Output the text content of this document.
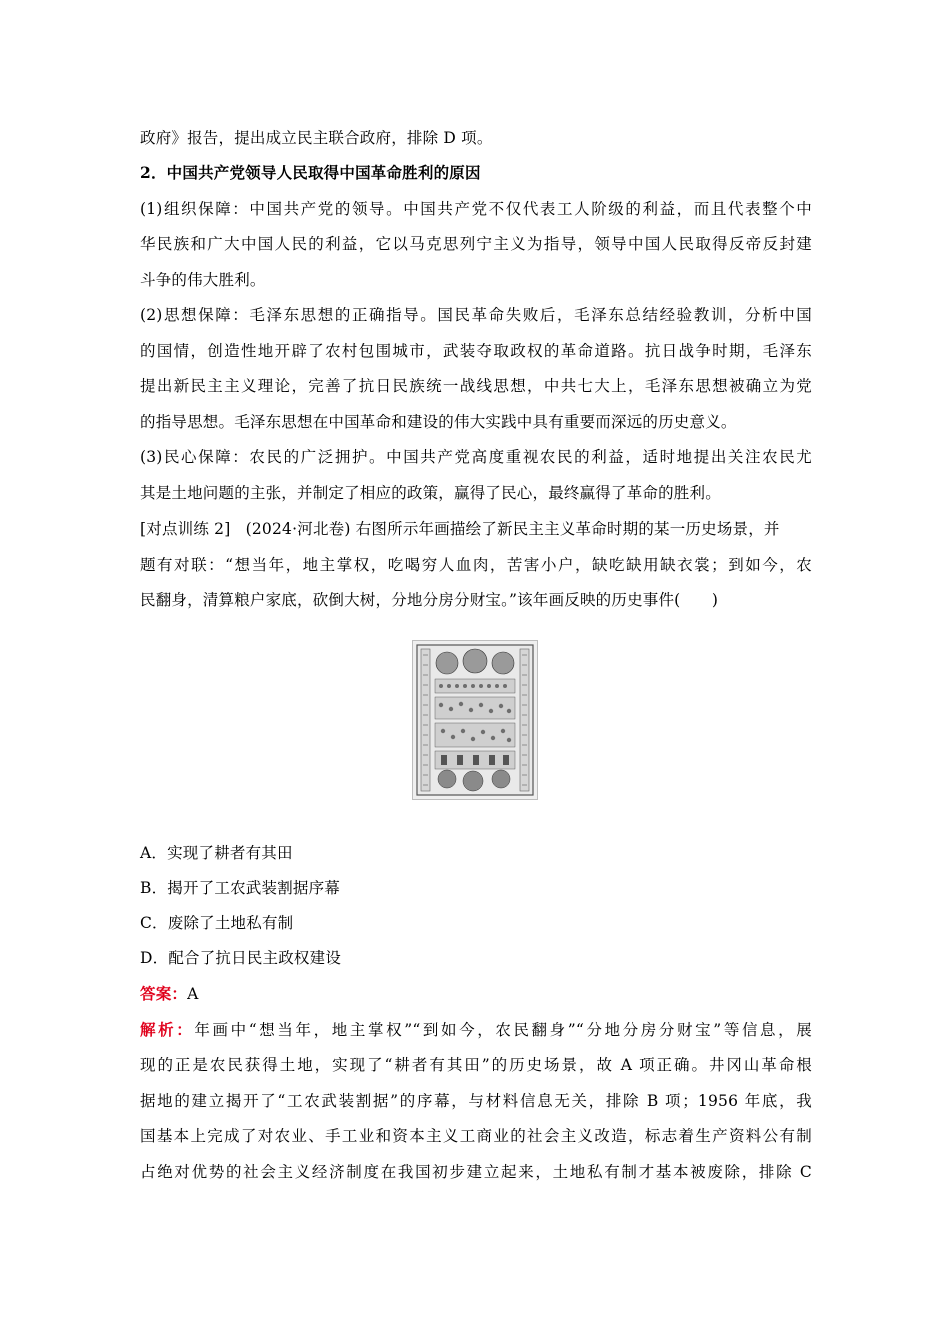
政府》报告，提出成立民主联合政府，排除 D 项。
2．中国共产党领导人民取得中国革命胜利的原因
(1)组织保障：中国共产党的领导。中国共产党不仅代表工人阶级的利益，而且代表整个中
华民族和广大中国人民的利益，它以马克思列宁主义为指导，领导中国人民取得反帝反封建
斗争的伟大胜利。
(2)思想保障：毛泽东思想的正确指导。国民革命失败后，毛泽东总结经验教训，分析中国
的国情，创造性地开辟了农村包围城市，武装夺取政权的革命道路。抗日战争时期，毛泽东
提出新民主主义理论，完善了抗日民族统一战线思想，中共七大上，毛泽东思想被确立为党
的指导思想。毛泽东思想在中国革命和建设的伟大实践中具有重要而深远的历史意义。
(3)民心保障：农民的广泛拥护。中国共产党高度重视农民的利益，适时地提出关注农民尤
其是土地问题的主张，并制定了相应的政策，赢得了民心，最终赢得了革命的胜利。
[对点训练 2] (2024·河北卷) 右图所示年画描绘了新民主主义革命时期的某一历史场景，并
题有对联：“想当年，地主掌权，吃喝穷人血肉，苦害小户，缺吃缺用缺衣裳；到如今，农
民翻身，清算粮户家底，砍倒大树，分地分房分财宝。”该年画反映的历史事件(　　)
A．实现了耕者有其田
B．揭开了工农武装割据序幕
C．废除了土地私有制
D．配合了抗日民主政权建设
答案：A
解析：年画中“想当年，地主掌权”“到如今，农民翻身”“分地分房分财宝”等信息，展
现的正是农民获得土地，实现了“耕者有其田”的历史场景，故 A 项正确。井冈山革命根
据地的建立揭开了“工农武装割据”的序幕，与材料信息无关，排除 B 项；1956 年底，我
国基本上完成了对农业、手工业和资本主义工商业的社会主义改造，标志着生产资料公有制
占绝对优势的社会主义经济制度在我国初步建立起来，土地私有制才基本被废除，排除 C
